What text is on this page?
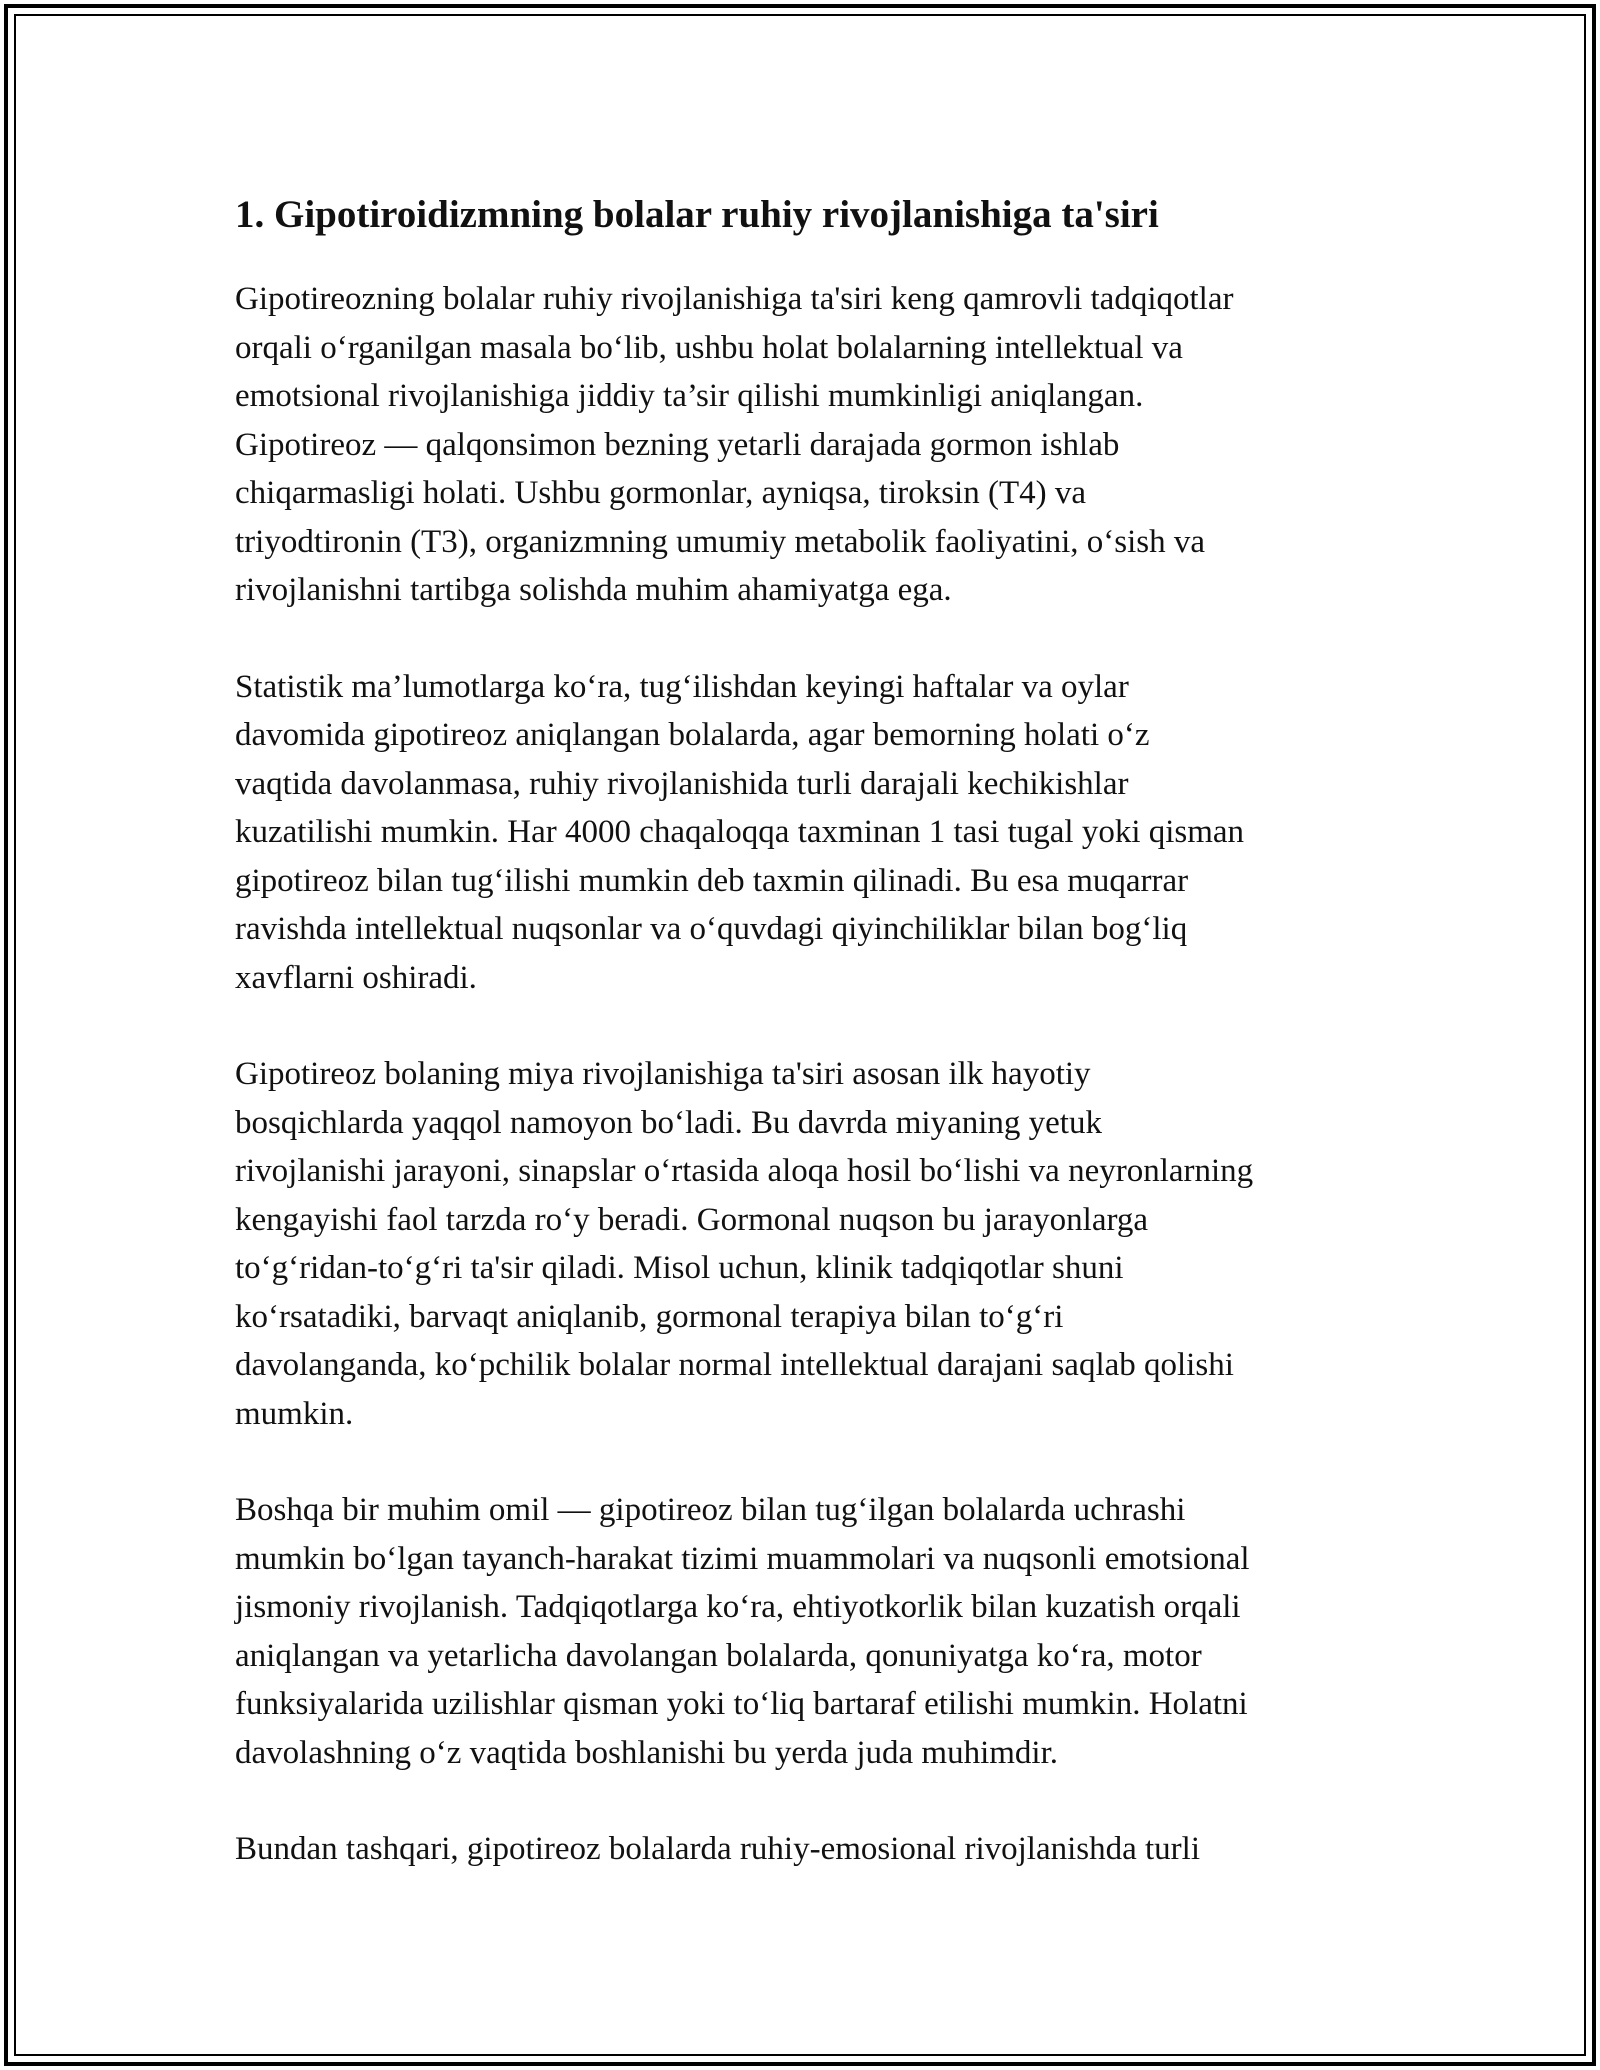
1. Gipotiroidizmning bolalar ruhiy rivojlanishiga ta'siri

Gipotireozning bolalar ruhiy rivojlanishiga ta'siri keng qamrovli tadqiqotlar
orqali o‘rganilgan masala bo‘lib, ushbu holat bolalarning intellektual va
emotsional rivojlanishiga jiddiy ta’sir qilishi mumkinligi aniqlangan.
Gipotireoz — qalqonsimon bezning yetarli darajada gormon ishlab
chiqarmasligi holati. Ushbu gormonlar, ayniqsa, tiroksin (T4) va
triyodtironin (T3), organizmning umumiy metabolik faoliyatini, o‘sish va
rivojlanishni tartibga solishda muhim ahamiyatga ega.

Statistik ma’lumotlarga ko‘ra, tug‘ilishdan keyingi haftalar va oylar
davomida gipotireoz aniqlangan bolalarda, agar bemorning holati o‘z
vaqtida davolanmasa, ruhiy rivojlanishida turli darajali kechikishlar
kuzatilishi mumkin. Har 4000 chaqaloqqa taxminan 1 tasi tugal yoki qisman
gipotireoz bilan tug‘ilishi mumkin deb taxmin qilinadi. Bu esa muqarrar
ravishda intellektual nuqsonlar va o‘quvdagi qiyinchiliklar bilan bog‘liq
xavflarni oshiradi.

Gipotireoz bolaning miya rivojlanishiga ta'siri asosan ilk hayotiy
bosqichlarda yaqqol namoyon bo‘ladi. Bu davrda miyaning yetuk
rivojlanishi jarayoni, sinapslar o‘rtasida aloqa hosil bo‘lishi va neyronlarning
kengayishi faol tarzda ro‘y beradi. Gormonal nuqson bu jarayonlarga
to‘g‘ridan-to‘g‘ri ta'sir qiladi. Misol uchun, klinik tadqiqotlar shuni
ko‘rsatadiki, barvaqt aniqlanib, gormonal terapiya bilan to‘g‘ri
davolanganda, ko‘pchilik bolalar normal intellektual darajani saqlab qolishi
mumkin.

Boshqa bir muhim omil — gipotireoz bilan tug‘ilgan bolalarda uchrashi
mumkin bo‘lgan tayanch-harakat tizimi muammolari va nuqsonli emotsional
jismoniy rivojlanish. Tadqiqotlarga ko‘ra, ehtiyotkorlik bilan kuzatish orqali
aniqlangan va yetarlicha davolangan bolalarda, qonuniyatga ko‘ra, motor
funksiyalarida uzilishlar qisman yoki to‘liq bartaraf etilishi mumkin. Holatni
davolashning o‘z vaqtida boshlanishi bu yerda juda muhimdir.

Bundan tashqari, gipotireoz bolalarda ruhiy-emosional rivojlanishda turli
